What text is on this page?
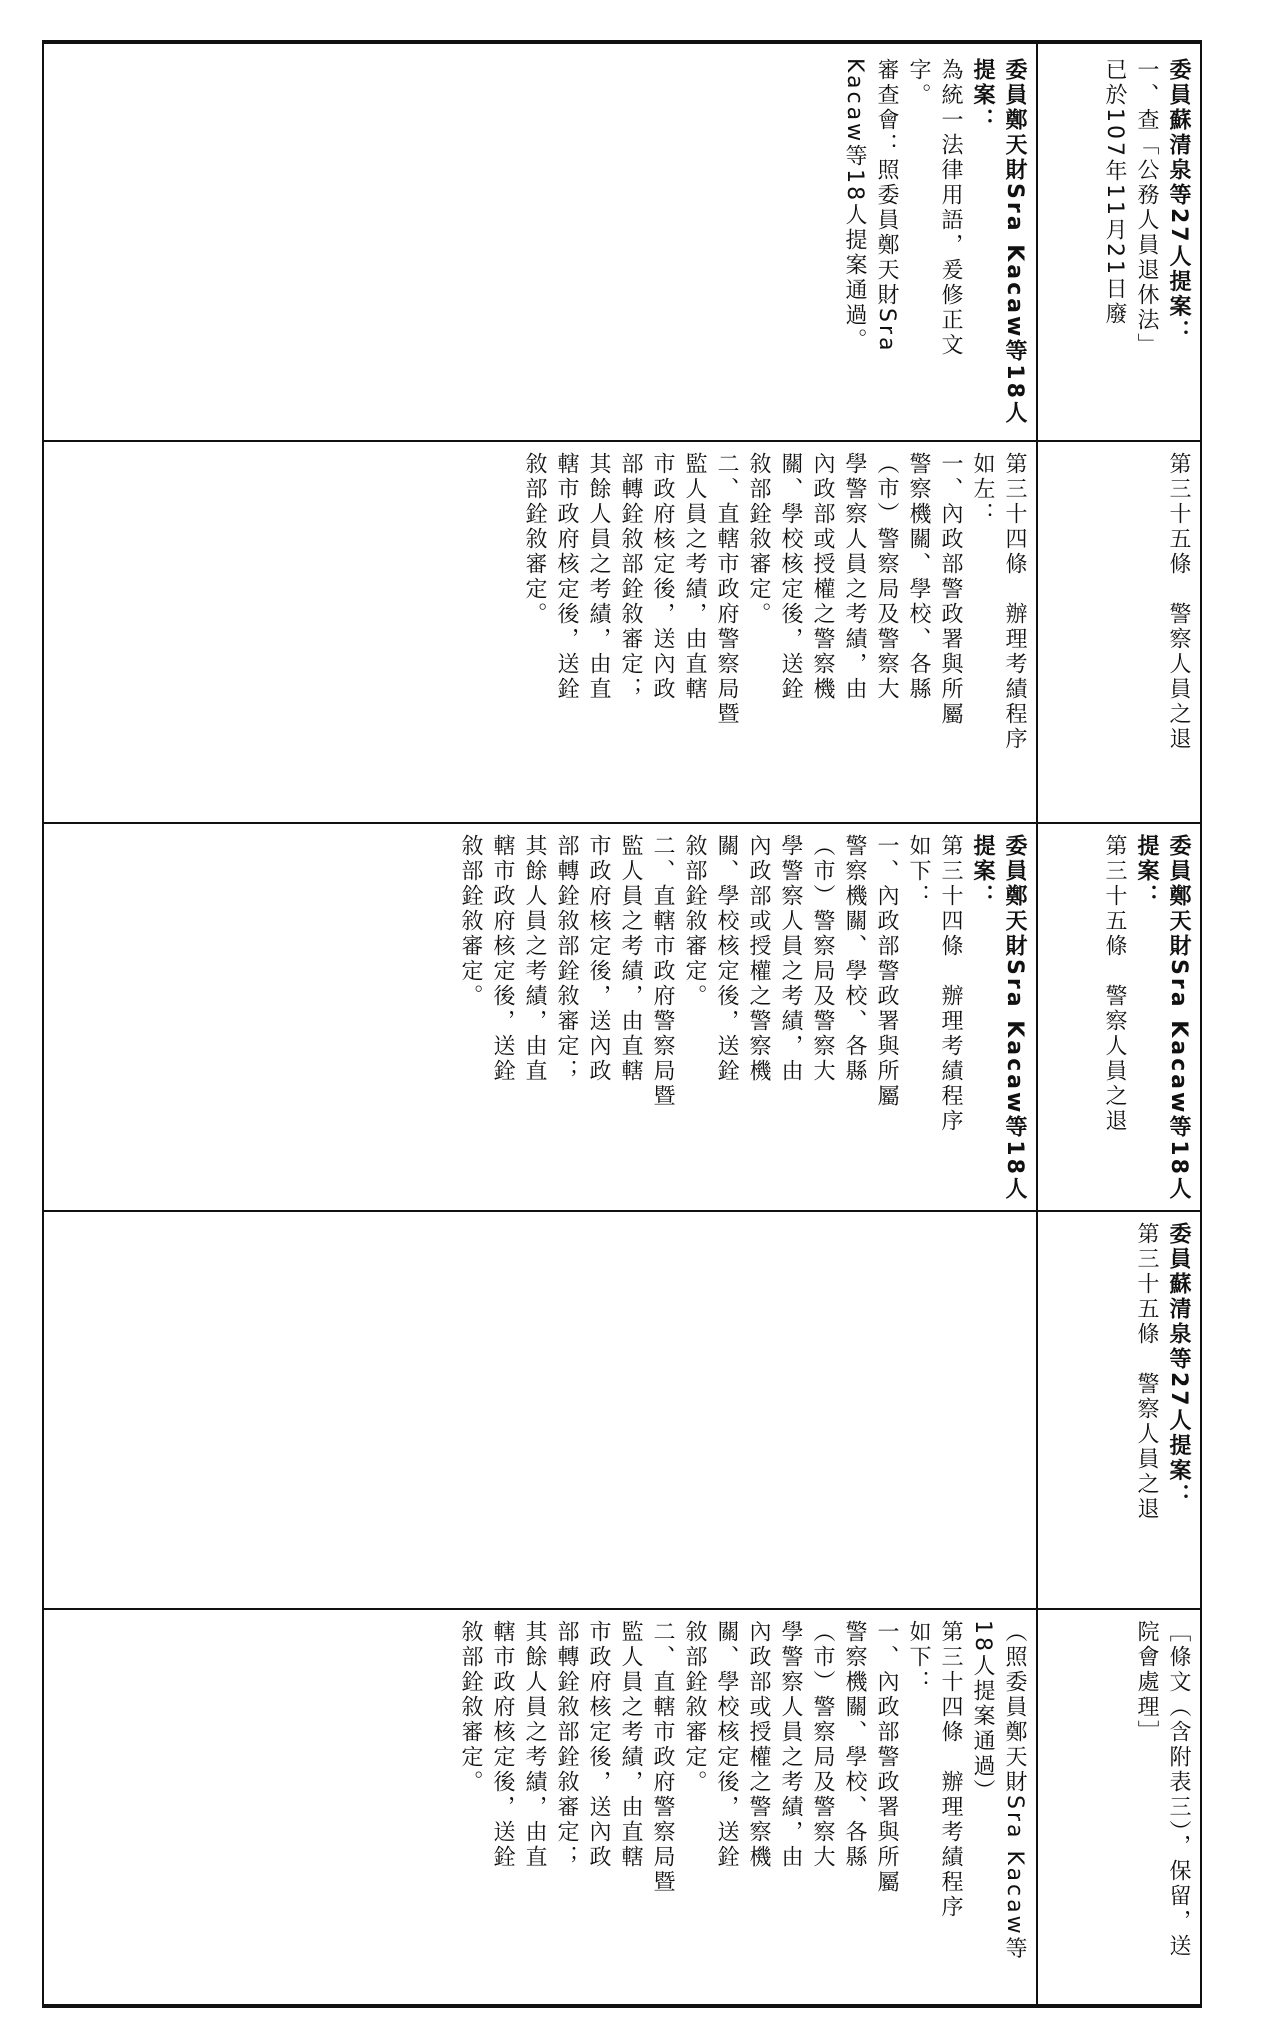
委員鄭天財Sra Kacaw等18人

提案：

為統一法律用語，爰修正文

字。

審查會：照委員鄭天財Sra

Kacaw等18人提案通過。

第三十四條　辦理考績程序

如左：

一、內政部警政署與所屬

警察機關、學校、各縣

（市）警察局及警察大

學警察人員之考績，由

內政部或授權之警察機

關、學校核定後，送銓

敘部銓敘審定。

二、直轄市政府警察局暨

監人員之考績，由直轄

市政府核定後，送內政

部轉銓敘部銓敘審定；

其餘人員之考績，由直

轄市政府核定後，送銓

敘部銓敘審定。

委員鄭天財Sra Kacaw等18人

提案：

第三十四條　辦理考績程序

如下：

一、內政部警政署與所屬

警察機關、學校、各縣

（市）警察局及警察大

學警察人員之考績，由

內政部或授權之警察機

關、學校核定後，送銓

敘部銓敘審定。

二、直轄市政府警察局暨

監人員之考績，由直轄

市政府核定後，送內政

部轉銓敘部銓敘審定；

其餘人員之考績，由直

轄市政府核定後，送銓

敘部銓敘審定。

（照委員鄭天財Sra Kacaw等

18人提案通過）

第三十四條　辦理考績程序

如下：

一、內政部警政署與所屬

警察機關、學校、各縣

（市）警察局及警察大

學警察人員之考績，由

內政部或授權之警察機

關、學校核定後，送銓

敘部銓敘審定。

二、直轄市政府警察局暨

監人員之考績，由直轄

市政府核定後，送內政

部轉銓敘部銓敘審定；

其餘人員之考績，由直

轄市政府核定後，送銓

敘部銓敘審定。

委員蘇清泉等27人提案：

一、查「公務人員退休法」

已於107年11月21日廢

第三十五條　警察人員之退

委員鄭天財Sra Kacaw等18人

提案：

第三十五條　警察人員之退

委員蘇清泉等27人提案：

第三十五條　警察人員之退

［條文（含附表三），保留，送

院會處理］
